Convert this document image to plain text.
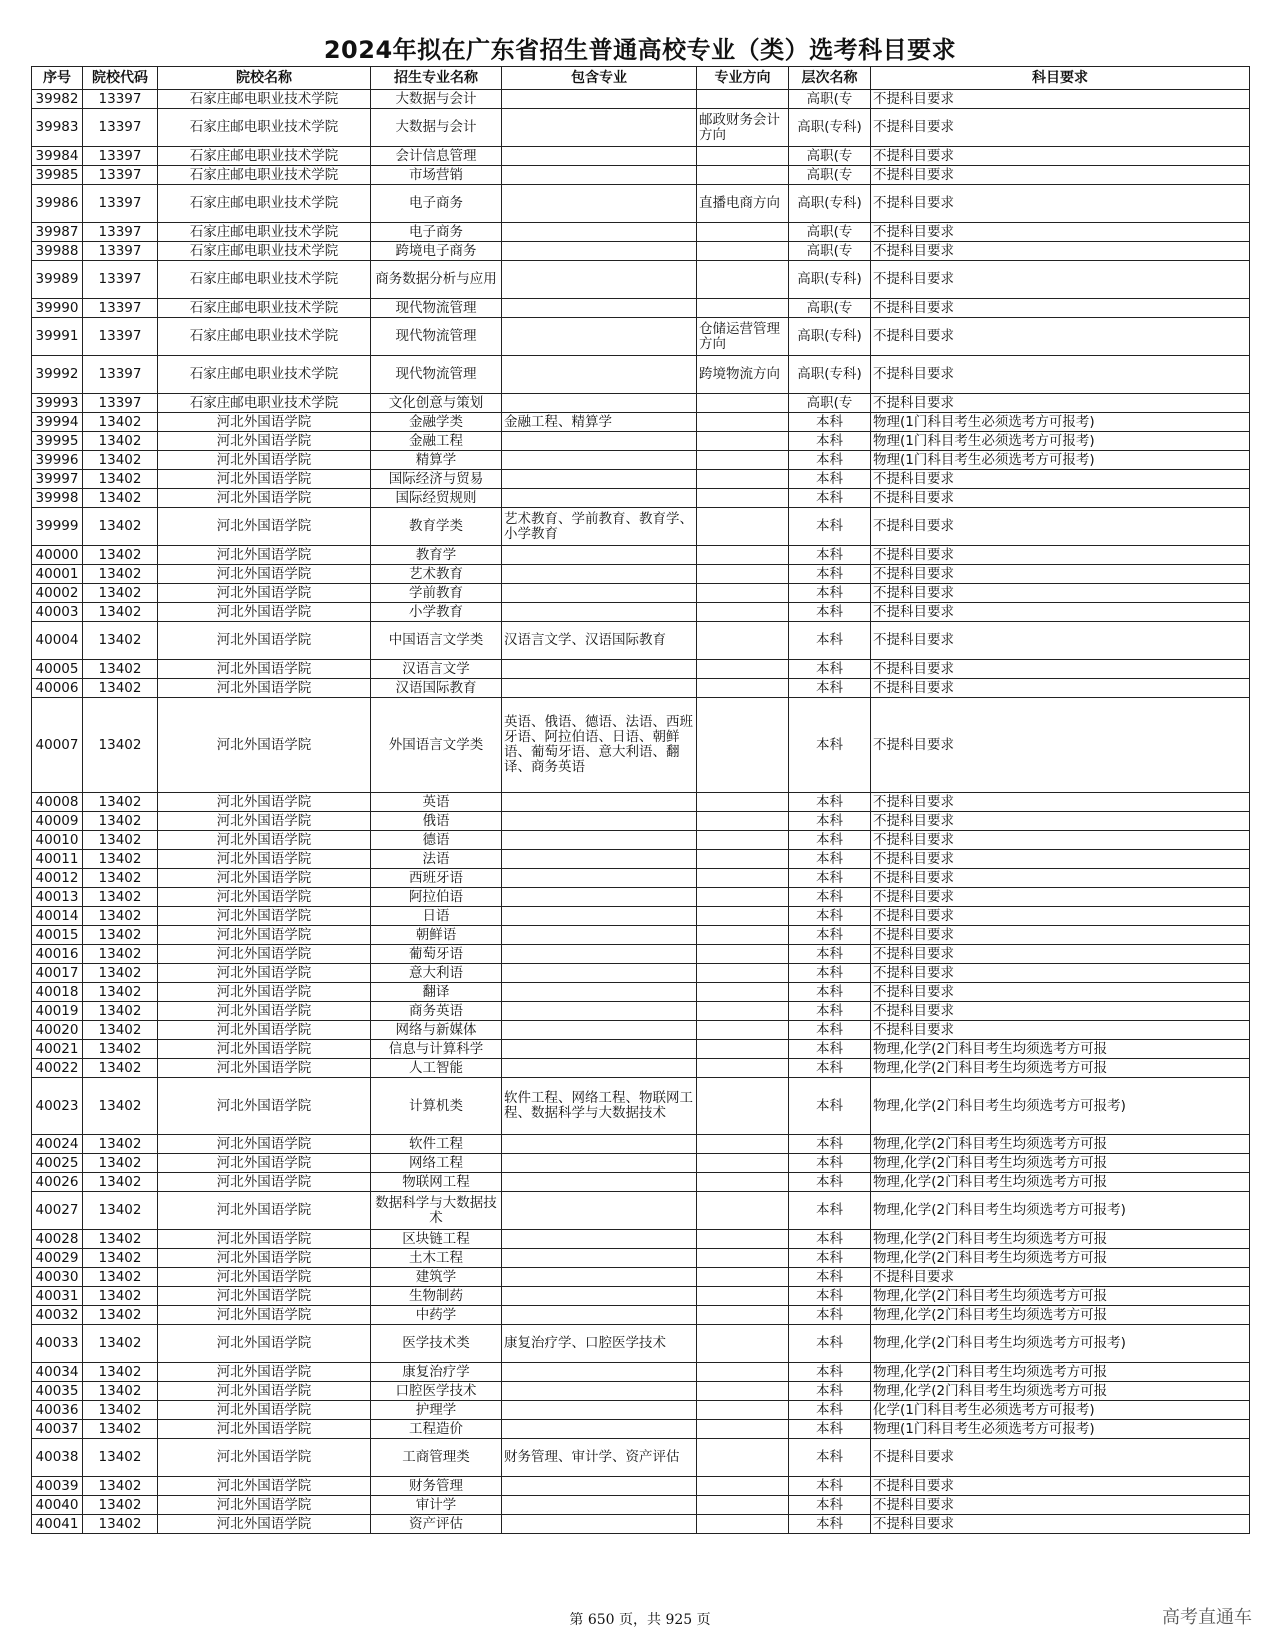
2024年拟在广东省招生普通高校专业（类）选考科目要求
序号	院校代码	院校名称	招生专业名称	包含专业	专业方向	层次名称	科目要求
39982	13397	石家庄邮电职业技术学院	大数据与会计			高职(专	不提科目要求
39983	13397	石家庄邮电职业技术学院	大数据与会计		邮政财务会计方向	高职(专科)	不提科目要求
39984	13397	石家庄邮电职业技术学院	会计信息管理			高职(专	不提科目要求
39985	13397	石家庄邮电职业技术学院	市场营销			高职(专	不提科目要求
39986	13397	石家庄邮电职业技术学院	电子商务		直播电商方向	高职(专科)	不提科目要求
39987	13397	石家庄邮电职业技术学院	电子商务			高职(专	不提科目要求
39988	13397	石家庄邮电职业技术学院	跨境电子商务			高职(专	不提科目要求
39989	13397	石家庄邮电职业技术学院	商务数据分析与应用			高职(专科)	不提科目要求
39990	13397	石家庄邮电职业技术学院	现代物流管理			高职(专	不提科目要求
39991	13397	石家庄邮电职业技术学院	现代物流管理		仓储运营管理方向	高职(专科)	不提科目要求
39992	13397	石家庄邮电职业技术学院	现代物流管理		跨境物流方向	高职(专科)	不提科目要求
39993	13397	石家庄邮电职业技术学院	文化创意与策划			高职(专	不提科目要求
39994	13402	河北外国语学院	金融学类	金融工程、精算学		本科	物理(1门科目考生必须选考方可报考)
39995	13402	河北外国语学院	金融工程			本科	物理(1门科目考生必须选考方可报考)
39996	13402	河北外国语学院	精算学			本科	物理(1门科目考生必须选考方可报考)
39997	13402	河北外国语学院	国际经济与贸易			本科	不提科目要求
39998	13402	河北外国语学院	国际经贸规则			本科	不提科目要求
39999	13402	河北外国语学院	教育学类	艺术教育、学前教育、教育学、小学教育		本科	不提科目要求
40000	13402	河北外国语学院	教育学			本科	不提科目要求
40001	13402	河北外国语学院	艺术教育			本科	不提科目要求
40002	13402	河北外国语学院	学前教育			本科	不提科目要求
40003	13402	河北外国语学院	小学教育			本科	不提科目要求
40004	13402	河北外国语学院	中国语言文学类	汉语言文学、汉语国际教育		本科	不提科目要求
40005	13402	河北外国语学院	汉语言文学			本科	不提科目要求
40006	13402	河北外国语学院	汉语国际教育			本科	不提科目要求
40007	13402	河北外国语学院	外国语言文学类	英语、俄语、德语、法语、西班牙语、阿拉伯语、日语、朝鲜语、葡萄牙语、意大利语、翻译、商务英语		本科	不提科目要求
40008	13402	河北外国语学院	英语			本科	不提科目要求
40009	13402	河北外国语学院	俄语			本科	不提科目要求
40010	13402	河北外国语学院	德语			本科	不提科目要求
40011	13402	河北外国语学院	法语			本科	不提科目要求
40012	13402	河北外国语学院	西班牙语			本科	不提科目要求
40013	13402	河北外国语学院	阿拉伯语			本科	不提科目要求
40014	13402	河北外国语学院	日语			本科	不提科目要求
40015	13402	河北外国语学院	朝鲜语			本科	不提科目要求
40016	13402	河北外国语学院	葡萄牙语			本科	不提科目要求
40017	13402	河北外国语学院	意大利语			本科	不提科目要求
40018	13402	河北外国语学院	翻译			本科	不提科目要求
40019	13402	河北外国语学院	商务英语			本科	不提科目要求
40020	13402	河北外国语学院	网络与新媒体			本科	不提科目要求
40021	13402	河北外国语学院	信息与计算科学			本科	物理,化学(2门科目考生均须选考方可报
40022	13402	河北外国语学院	人工智能			本科	物理,化学(2门科目考生均须选考方可报
40023	13402	河北外国语学院	计算机类	软件工程、网络工程、物联网工程、数据科学与大数据技术		本科	物理,化学(2门科目考生均须选考方可报考)
40024	13402	河北外国语学院	软件工程			本科	物理,化学(2门科目考生均须选考方可报
40025	13402	河北外国语学院	网络工程			本科	物理,化学(2门科目考生均须选考方可报
40026	13402	河北外国语学院	物联网工程			本科	物理,化学(2门科目考生均须选考方可报
40027	13402	河北外国语学院	数据科学与大数据技术			本科	物理,化学(2门科目考生均须选考方可报考)
40028	13402	河北外国语学院	区块链工程			本科	物理,化学(2门科目考生均须选考方可报
40029	13402	河北外国语学院	土木工程			本科	物理,化学(2门科目考生均须选考方可报
40030	13402	河北外国语学院	建筑学			本科	不提科目要求
40031	13402	河北外国语学院	生物制药			本科	物理,化学(2门科目考生均须选考方可报
40032	13402	河北外国语学院	中药学			本科	物理,化学(2门科目考生均须选考方可报
40033	13402	河北外国语学院	医学技术类	康复治疗学、口腔医学技术		本科	物理,化学(2门科目考生均须选考方可报考)
40034	13402	河北外国语学院	康复治疗学			本科	物理,化学(2门科目考生均须选考方可报
40035	13402	河北外国语学院	口腔医学技术			本科	物理,化学(2门科目考生均须选考方可报
40036	13402	河北外国语学院	护理学			本科	化学(1门科目考生必须选考方可报考)
40037	13402	河北外国语学院	工程造价			本科	物理(1门科目考生必须选考方可报考)
40038	13402	河北外国语学院	工商管理类	财务管理、审计学、资产评估		本科	不提科目要求
40039	13402	河北外国语学院	财务管理			本科	不提科目要求
40040	13402	河北外国语学院	审计学			本科	不提科目要求
40041	13402	河北外国语学院	资产评估			本科	不提科目要求
第 650 页，共 925 页	高考直通车
